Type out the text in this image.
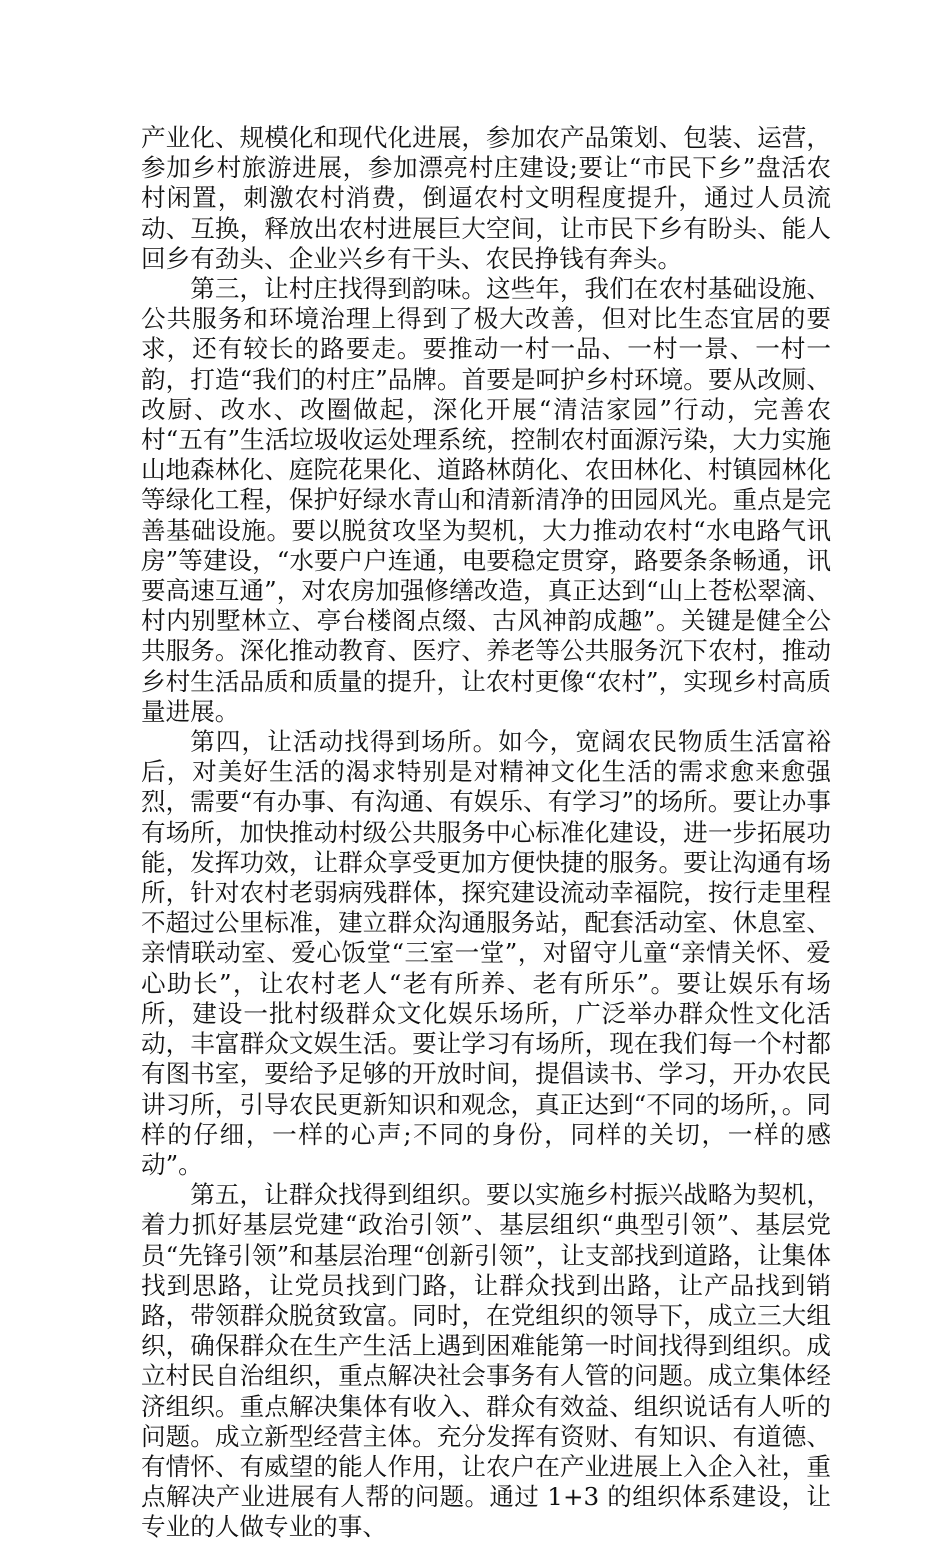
产业化、规模化和现代化进展，参加农产品策划、包装、运营，参加乡村旅游进展，参加漂亮村庄建设;要让“市民下乡”盘活农村闲置，刺激农村消费，倒逼农村文明程度提升，通过人员流动、互换，释放出农村进展巨大空间，让市民下乡有盼头、能人回乡有劲头、企业兴乡有干头、农民挣钱有奔头。

第三，让村庄找得到韵味。这些年，我们在农村基础设施、公共服务和环境治理上得到了极大改善，但对比生态宜居的要求，还有较长的路要走。要推动一村一品、一村一景、一村一韵，打造“我们的村庄”品牌。首要是呵护乡村环境。要从改厕、改厨、改水、改圈做起，深化开展“清洁家园”行动，完善农村“五有”生活垃圾收运处理系统，控制农村面源污染，大力实施山地森林化、庭院花果化、道路林荫化、农田林化、村镇园林化等绿化工程，保护好绿水青山和清新清净的田园风光。重点是完善基础设施。要以脱贫攻坚为契机，大力推动农村“水电路气讯房”等建设，“水要户户连通，电要稳定贯穿，路要条条畅通，讯要高速互通”，对农房加强修缮改造，真正达到“山上苍松翠滴、村内别墅林立、亭台楼阁点缀、古风神韵成趣”。关键是健全公共服务。深化推动教育、医疗、养老等公共服务沉下农村，推动乡村生活品质和质量的提升，让农村更像“农村”，实现乡村高质量进展。

第四，让活动找得到场所。如今，宽阔农民物质生活富裕后，对美好生活的渴求特别是对精神文化生活的需求愈来愈强烈，需要“有办事、有沟通、有娱乐、有学习”的场所。要让办事有场所，加快推动村级公共服务中心标准化建设，进一步拓展功能，发挥功效，让群众享受更加方便快捷的服务。要让沟通有场所，针对农村老弱病残群体，探究建设流动幸福院，按行走里程不超过公里标准，建立群众沟通服务站，配套活动室、休息室、亲情联动室、爱心饭堂“三室一堂”，对留守儿童“亲情关怀、爱心助长”，让农村老人“老有所养、老有所乐”。要让娱乐有场所，建设一批村级群众文化娱乐场所，广泛举办群众性文化活动，丰富群众文娱生活。要让学习有场所，现在我们每一个村都有图书室，要给予足够的开放时间，提倡读书、学习，开办农民讲习所，引导农民更新知识和观念，真正达到“不同的场所，。同样的仔细，一样的心声;不同的身份，同样的关切，一样的感动”。

第五，让群众找得到组织。要以实施乡村振兴战略为契机，着力抓好基层党建“政治引领”、基层组织“典型引领”、基层党员“先锋引领”和基层治理“创新引领”，让支部找到道路，让集体找到思路，让党员找到门路，让群众找到出路，让产品找到销路，带领群众脱贫致富。同时，在党组织的领导下，成立三大组织，确保群众在生产生活上遇到困难能第一时间找得到组织。成立村民自治组织，重点解决社会事务有人管的问题。成立集体经济组织。重点解决集体有收入、群众有效益、组织说话有人听的问题。成立新型经营主体。充分发挥有资财、有知识、有道德、有情怀、有威望的能人作用，让农户在产业进展上入企入社，重点解决产业进展有人帮的问题。通过 1+3 的组织体系建设，让专业的人做专业的事、
